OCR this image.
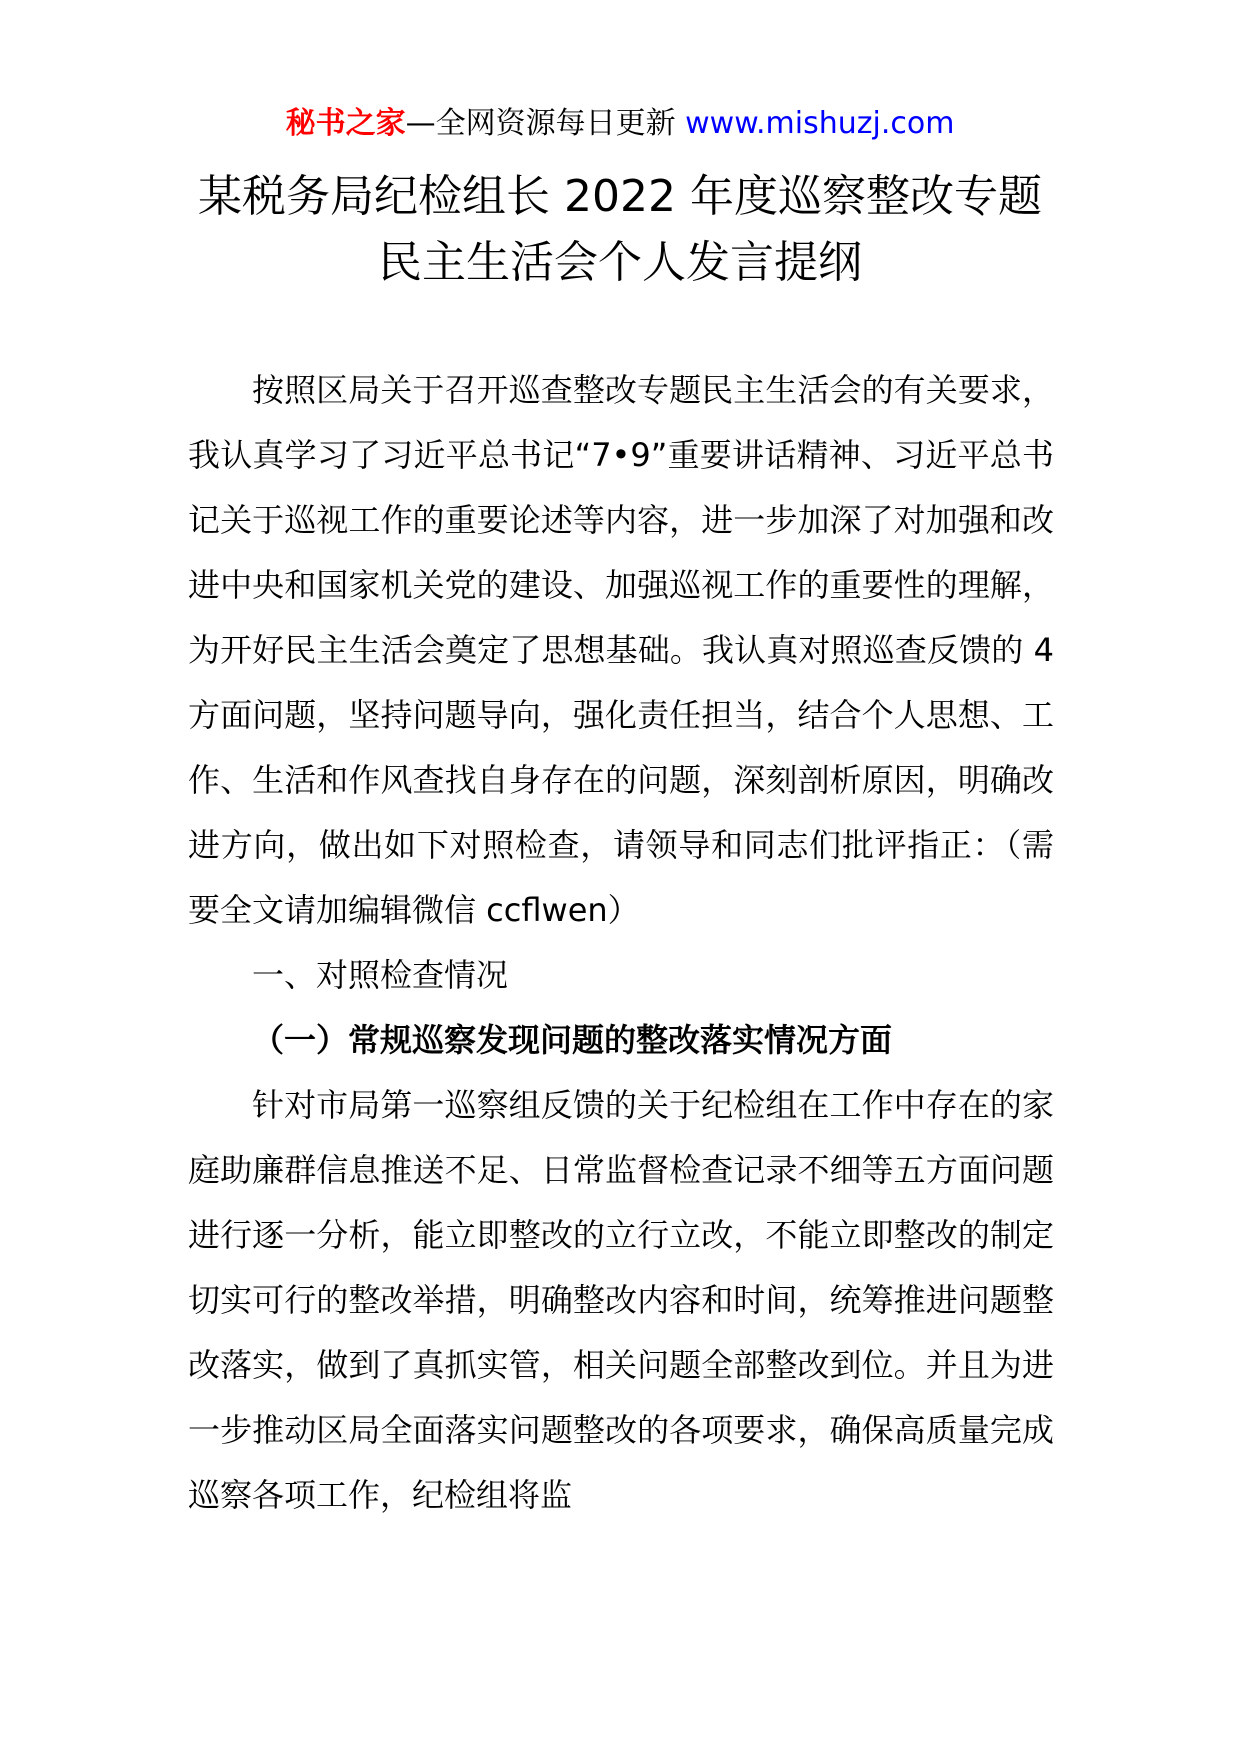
秘书之家—全网资源每日更新 www.mishuzj.com
某税务局纪检组长 2022 年度巡察整改专题
民主生活会个人发言提纲

按照区局关于召开巡查整改专题民主生活会的有关要求，我认真学习了习近平总书记“7•9”重要讲话精神、习近平总书记关于巡视工作的重要论述等内容，进一步加深了对加强和改进中央和国家机关党的建设、加强巡视工作的重要性的理解，为开好民主生活会奠定了思想基础。我认真对照巡查反馈的 4 方面问题，坚持问题导向，强化责任担当，结合个人思想、工作、生活和作风查找自身存在的问题，深刻剖析原因，明确改进方向，做出如下对照检查，请领导和同志们批评指正：（需要全文请加编辑微信 ccflwen）

一、对照检查情况

（一）常规巡察发现问题的整改落实情况方面

针对市局第一巡察组反馈的关于纪检组在工作中存在的家庭助廉群信息推送不足、日常监督检查记录不细等五方面问题进行逐一分析，能立即整改的立行立改，不能立即整改的制定切实可行的整改举措，明确整改内容和时间，统筹推进问题整改落实，做到了真抓实管，相关问题全部整改到位。并且为进一步推动区局全面落实问题整改的各项要求，确保高质量完成巡察各项工作，纪检组将监
